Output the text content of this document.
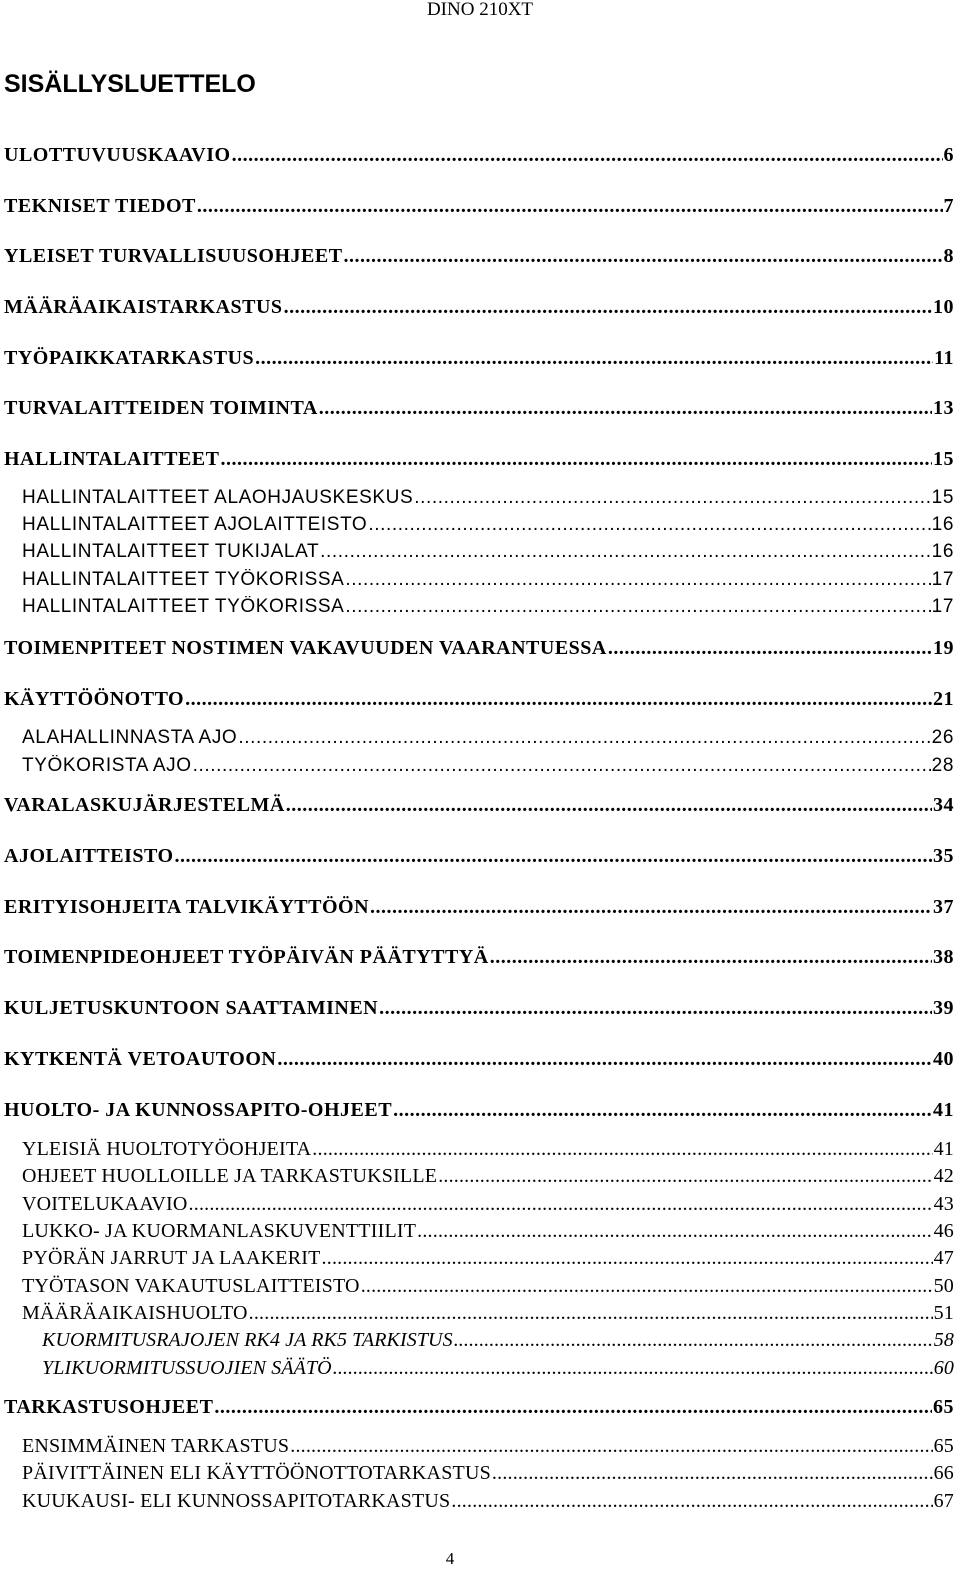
DINO 210XT
SISÄLLYSLUETTELO
ULOTTUVUUSKAAVIO .....	6
TEKNISET TIEDOT .....	7
YLEISET TURVALLISUUSOHJEET .....	8
MÄÄRÄAIKAISTARKASTUS .....	10
TYÖPAIKKATARKASTUS .....	11
TURVALAITTEIDEN TOIMINTA .....	13
HALLINTALAITTEET .....	15
HALLINTALAITTEET ALAOHJAUSKESKUS .....	15
HALLINTALAITTEET AJOLAITTEISTO .....	16
HALLINTALAITTEET TUKIJALAT .....	16
HALLINTALAITTEET TYÖKORISSA .....	17
HALLINTALAITTEET TYÖKORISSA .....	17
TOIMENPITEET NOSTIMEN VAKAVUUDEN VAARANTUESSA .....	19
KÄYTTÖÖNOTTO .....	21
ALAHALLINNASTA AJO .....	26
TYÖKORISTA AJO .....	28
VARALASKUJÄRJESTELMÄ .....	34
AJOLAITTEISTO .....	35
ERITYISOHJEITA TALVIKÄYTTÖÖN .....	37
TOIMENPIDEOHJEET TYÖPÄIVÄN PÄÄTYTTYÄ .....	38
KULJETUSKUNTOON SAATTAMINEN .....	39
KYTKENTÄ VETOAUTOON .....	40
HUOLTO- JA KUNNOSSAPITO-OHJEET .....	41
YLEISIÄ HUOLTOTYÖOHJEITA .....	41
OHJEET HUOLLOILLE JA TARKASTUKSILLE .....	42
VOITELUKAAVIO .....	43
LUKKO- JA KUORMANLASKUVENTTIILIT .....	46
PYÖRÄN JARRUT JA LAAKERIT .....	47
TYÖTASON VAKAUTUSLAITTEISTO .....	50
MÄÄRÄAIKAISHUOLTO .....	51
KUORMITUSRAJOJEN RK4 JA RK5 TARKISTUS .....	58
YLIKUORMITUSSUOJIEN SÄÄTÖ .....	60
TARKASTUSOHJEET .....	65
ENSIMMÄINEN TARKASTUS .....	65
PÄIVITTÄINEN ELI KÄYTTÖÖNOTTOTARKASTUS .....	66
KUUKAUSI- ELI KUNNOSSAPITOTARKASTUS .....	67
4
